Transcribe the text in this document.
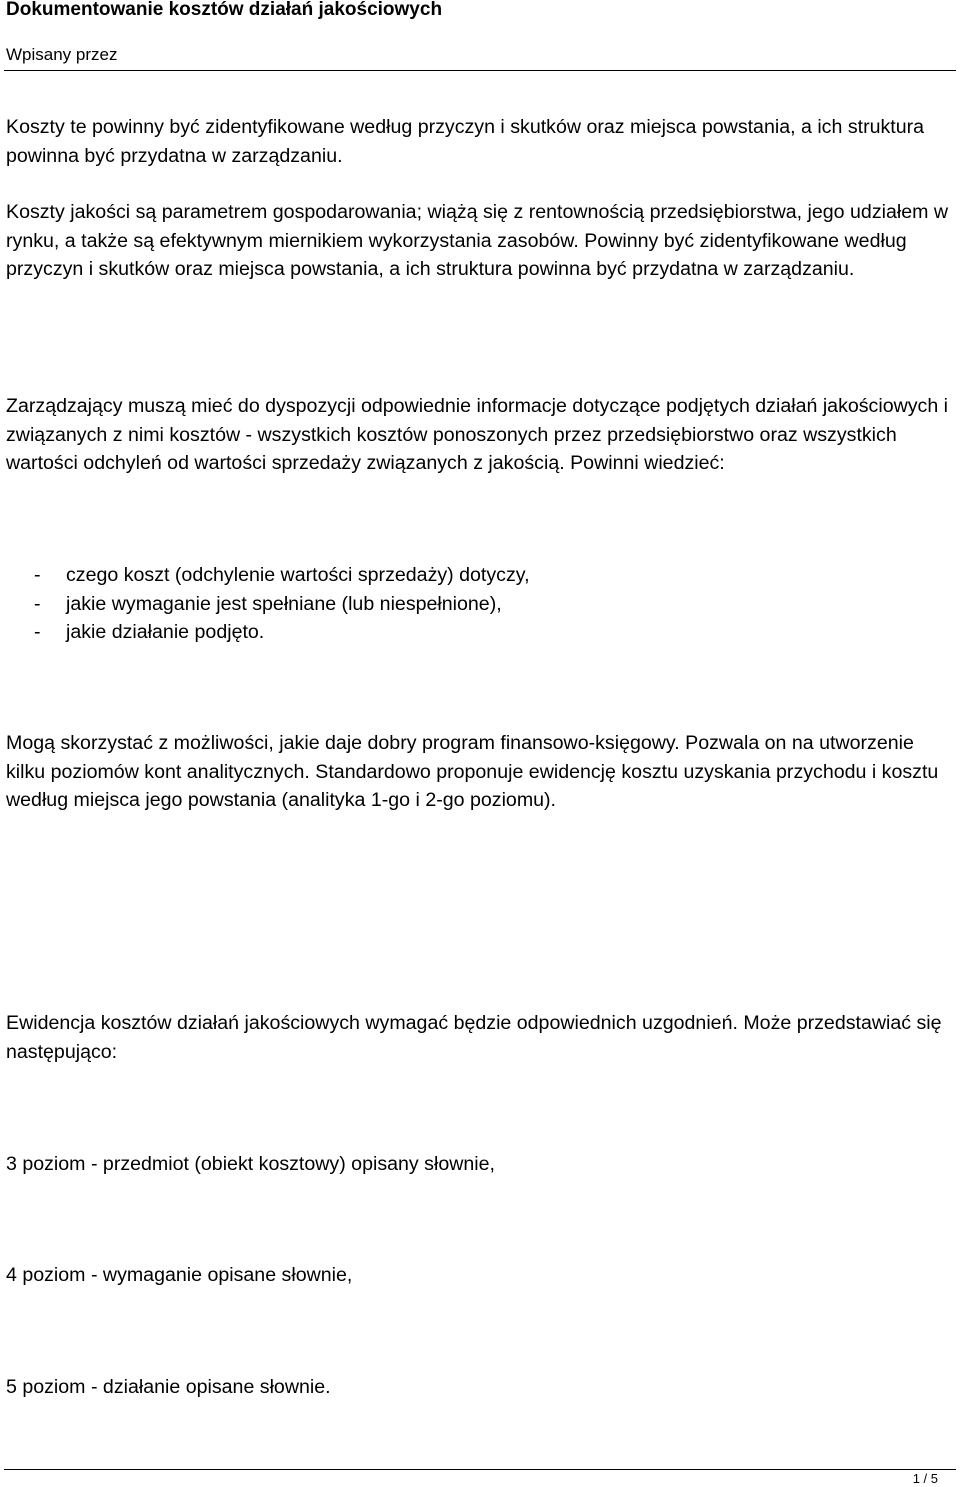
Dokumentowanie kosztów działań jakościowych
Wpisany przez
Koszty te powinny być zidentyfikowane według przyczyn i skutków oraz miejsca powstania, a ich struktura powinna być przydatna w zarządzaniu.
Koszty jakości są parametrem gospodarowania; wiążą się z rentownością przedsiębiorstwa, jego udziałem w rynku, a także są efektywnym miernikiem wykorzystania zasobów. Powinny być zidentyfikowane według przyczyn i skutków oraz miejsca powstania, a ich struktura powinna być przydatna w zarządzaniu.
Zarządzający muszą mieć do dyspozycji odpowiednie informacje dotyczące podjętych działań jakościowych i związanych z nimi kosztów - wszystkich kosztów ponoszonych przez przedsiębiorstwo oraz wszystkich wartości odchyleń od wartości sprzedaży związanych z jakością. Powinni wiedzieć:
-	czego koszt (odchylenie wartości sprzedaży) dotyczy,
-	jakie wymaganie jest spełniane (lub niespełnione),
-	jakie działanie podjęto.
Mogą skorzystać z możliwości, jakie daje dobry program finansowo-księgowy. Pozwala on na utworzenie kilku poziomów kont analitycznych. Standardowo proponuje ewidencję kosztu uzyskania przychodu i kosztu według miejsca jego powstania (analityka 1-go i 2-go poziomu).
Ewidencja kosztów działań jakościowych wymagać będzie odpowiednich uzgodnień. Może przedstawiać się następująco:
3 poziom - przedmiot (obiekt kosztowy) opisany słownie,
4 poziom - wymaganie opisane słownie,
5 poziom - działanie opisane słownie.
1 / 5
